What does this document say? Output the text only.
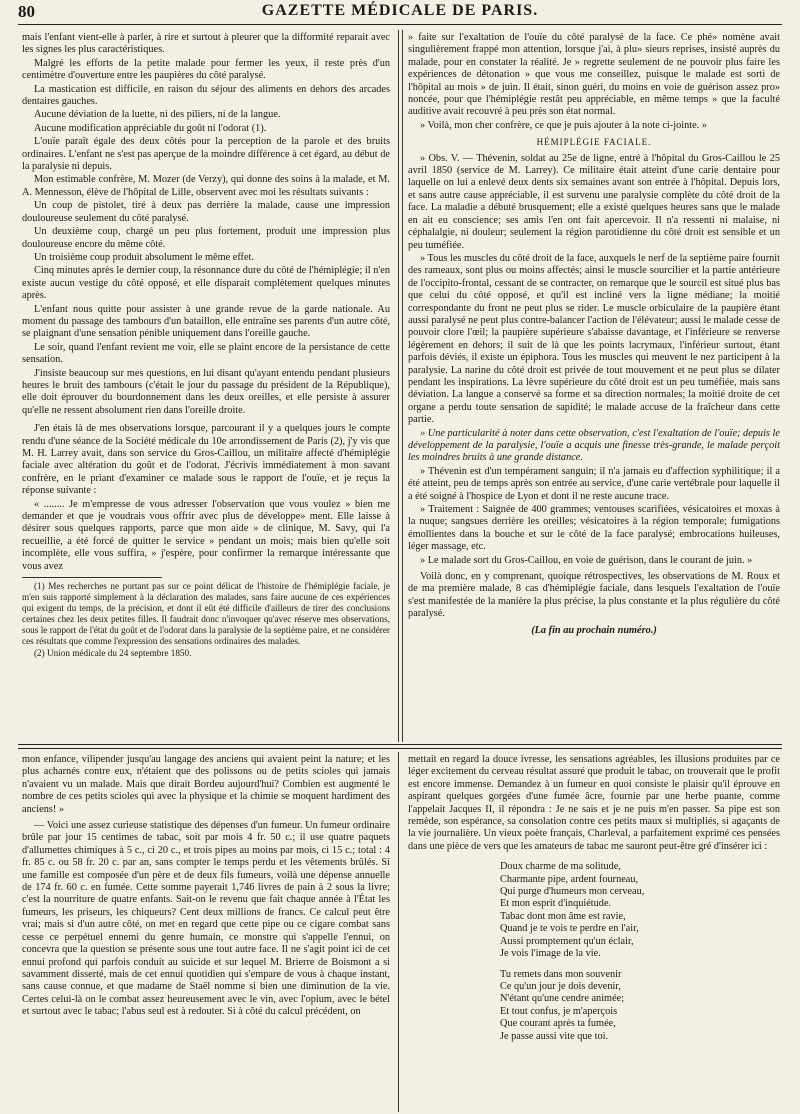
80	GAZETTE MÉDICALE DE PARIS.

mais l'enfant vient-elle à parler, à rire et surtout à pleurer que la difformité reparait avec les signes les plus caractéristiques.

Malgré les efforts de la petite malade pour fermer les yeux, il reste près d'un centimètre d'ouverture entre les paupières du côté paralysé.

La mastication est difficile, en raison du séjour des aliments en dehors des arcades dentaires gauches.

Aucune déviation de la luette, ni des piliers, ni de la langue.

Aucune modification appréciable du goût ni l'odorat (1).

L'ouïe paraît égale des deux côtés pour la perception de la parole et des bruits ordinaires. L'enfant ne s'est pas aperçue de la moindre différence à cet égard, au début de la paralysie ni depuis.

Mon estimable confrère, M. Mozer (de Verzy), qui donne des soins à la malade, et M. A. Mennesson, élève de l'hôpital de Lille, observent avec moi les résultats suivants :

Un coup de pistolet, tiré à deux pas derrière la malade, cause une impression douloureuse seulement du côté paralysé.

Un deuxième coup, chargé un peu plus fortement, produit une impression plus douloureuse encore du même côté.

Un troisième coup produit absolument le même effet.

Cinq minutes après le dernier coup, la résonnance dure du côté de l'hémiplégie; il n'en existe aucun vestige du côté opposé, et elle disparait complètement quelques minutes après.

L'enfant nous quitte pour assister à une grande revue de la garde nationale. Au moment du passage des tambours d'un bataillon, elle entraîne ses parents d'un autre côté, se plaignant d'une sensation pénible uniquement dans l'oreille gauche.

Le soir, quand l'enfant revient me voir, elle se plaint encore de la persistance de cette sensation.

J'insiste beaucoup sur mes questions, en lui disant qu'ayant entendu pendant plusieurs heures le bruit des tambours (c'était le jour du passage du président de la République), elle doit éprouver du bourdonnement dans les deux oreilles, et elle persiste à assurer qu'elle ne ressent absolument rien dans l'oreille droite.

J'en étais là de mes observations lorsque, parcourant il y a quelques jours le compte rendu d'une séance de la Société médicale du 10e arrondissement de Paris (2), j'y vis que M. H. Larrey avait, dans son service du Gros-Caillou, un militaire affecté d'hémiplégie faciale avec altération du goût et de l'odorat. J'écrivis immédiatement à mon savant confrère, en le priant d'examiner ce malade sous le rapport de l'ouïe, et je reçus la réponse suivante :

« ........ Je m'empresse de vous adresser l'observation que vous voulez » bien me demander et que je voudrais vous offrir avec plus de développe» ment. Elle laisse à désirer sous quelques rapports, parce que mon aide » de clinique, M. Savy, qui l'a recueillie, a été forcé de quitter le service » pendant un mois; mais bien qu'elle soit incomplète, elle vous suffira, » j'espère, pour confirmer la remarque intéressante que vous avez

(1) Mes recherches ne portant pas sur ce point délicat de l'histoire de l'hémiplégie faciale, je m'en suis rapporté simplement à la déclaration des malades, sans faire aucune de ces expériences qui exigent du temps, de la précision, et dont il eût été difficile d'ailleurs de tirer des conclusions certaines chez les deux petites filles. Il faudrait donc n'invoquer qu'avec réserve mes observations, sous le rapport de l'état du goût et de l'odorat dans la paralysie de la septième paire, et ne considérer ces résultats que comme l'expression des sensations ordinaires des malades.

(2) Union médicale du 24 septembre 1850.

» faite sur l'exaltation de l'ouïe du côté paralysé de la face. Ce phé» nomène avait singulièrement frappé mon attention, lorsque j'ai, à plu» sieurs reprises, insisté auprès du malade, pour en constater la réalité. Je » regrette seulement de ne pouvoir plus faire les expériences de détonation » que vous me conseillez, puisque le malade est sorti de l'hôpital au mois » de juin. Il était, sinon guéri, du moins en voie de guérison assez pro» noncée, pour que l'hémiplégie restât peu appréciable, en même temps » que la faculté auditive avait recouvré à peu près son état normal.

» Voilà, mon cher confrère, ce que je puis ajouter à la note ci-jointe. »

HÉMIPLÉGIE FACIALE.

» Obs. V. — Thévenin, soldat au 25e de ligne, entré à l'hôpital du Gros-Caillou le 25 avril 1850 (service de M. Larrey). Ce militaire était atteint d'une carie dentaire pour laquelle on lui a enlevé deux dents six semaines avant son entrée à l'hôpital. Depuis lors, et sans autre cause appréciable, il est survenu une paralysie complète du côté droit de la face. La maladie a débuté brusquement; elle a existé quelques heures sans que le malade en ait eu conscience; ses amis l'en ont fait apercevoir. Il n'a ressenti ni malaise, ni céphalalgie, ni douleur; seulement la région parotidienne du côté droit est sensible et un peu tuméfiée.

» Tous les muscles du côté droit de la face, auxquels le nerf de la septième paire fournit des rameaux, sont plus ou moins affectés; ainsi le muscle sourcilier et la partie antérieure de l'occipito-frontal, cessant de se contracter, on remarque que le sourcil est situé plus bas que celui du côté opposé, et qu'il est incliné vers la ligne médiane; la moitié correspondante du front ne peut plus se rider. Le muscle orbiculaire de la paupière étant aussi paralysé ne peut plus contre-balancer l'action de l'élévateur; aussi le malade cesse de pouvoir clore l'œil; la paupière supérieure s'abaisse davantage, et l'inférieure se renverse légèrement en dehors; il suit de là que les points lacrymaux, l'inférieur surtout, étant parfois déviés, il existe un épiphora. Tous les muscles qui meuvent le nez participent à la paralysie. La narine du côté droit est privée de tout mouvement et ne peut plus se dilater pendant les inspirations. La lèvre supérieure du côté droit est un peu tuméfiée, mais sans déviation. La langue a conservé sa forme et sa direction normales; la moitié droite de cet organe a perdu toute sensation de sapidité; le malade accuse de la fraîcheur dans cette partie.

» Une particularité à noter dans cette observation, c'est l'exaltation de l'ouïe; depuis le développement de la paralysie, l'ouïe a acquis une finesse très-grande, le malade perçoit les moindres bruits à une grande distance.

» Thévenin est d'un tempérament sanguin; il n'a jamais eu d'affection syphilitique; il a été atteint, peu de temps après son entrée au service, d'une carie vertébrale pour laquelle il a été soigné à l'hospice de Lyon et dont il ne reste aucune trace.

» Traitement : Saignée de 400 grammes; ventouses scarifiées, vésicatoires et moxas à la nuque; sangsues derrière les oreilles; vésicatoires à la région temporale; fumigations émollientes dans la bouche et sur le côté de la face paralysé; embrocations huileuses, léger massage, etc.

» Le malade sort du Gros-Caillou, en voie de guérison, dans le courant de juin. »

Voilà donc, en y comprenant, quoique rétrospectives, les observations de M. Roux et de ma première malade, 8 cas d'hémiplégie faciale, dans lesquels l'exaltation de l'ouïe s'est manifestée de la manière la plus précise, la plus constante et la plus régulière du côté paralysé.

(La fin au prochain numéro.)

mon enfance, vilipender jusqu'au langage des anciens qui avaient peint la nature; et les plus acharnés contre eux, n'étaient que des polissons ou de petits scioles qui jamais n'avaient vu un malade. Mais que dirait Bordeu aujourd'hui? Combien est augmenté le nombre de ces petits scioles qui avec la physique et la chimie se moquent hardiment des anciens! »

— Voici une assez curieuse statistique des dépenses d'un fumeur. Un fumeur ordinaire brûle par jour 15 centimes de tabac, soit par mois 4 fr. 50 c.; il use quatre paquets d'allumettes chimiques à 5 c., ci 20 c., et trois pipes au moins par mois, ci 15 c.; total : 4 fr. 85 c. ou 58 fr. 20 c. par an, sans compter le temps perdu et les vêtements brûlés. Si une famille est composée d'un père et de deux fils fumeurs, voilà une dépense annuelle de 174 fr. 60 c. en fumée. Cette somme payerait 1,746 livres de pain à 2 sous la livre; c'est la nourriture de quatre enfants. Sait-on le revenu que fait chaque année à l'État les fumeurs, les priseurs, les chiqueurs? Cent deux millions de francs. Ce calcul peut être vrai; mais si d'un autre côté, on met en regard que cette pipe ou ce cigare combat sans cesse ce perpétuel ennemi du genre humain, ce monstre qui s'appelle l'ennui, on concevra que la question se présente sous une tout autre face. Il ne s'agit point ici de cet ennui profond qui parfois conduit au suicide et sur lequel M. Brierre de Boismont a si savamment disserté, mais de cet ennui quotidien qui s'empare de vous à chaque instant, sans cause connue, et que madame de Staël nomme si bien une diminution de la vie. Certes celui-là on le combat assez heureusement avec le vin, avec l'opium, avec le bétel et surtout avec le tabac; l'abus seul est à redouter. Si à côté du calcul précédent, on

mettait en regard la douce ivresse, les sensations agréables, les illusions produites par ce léger excitement du cerveau résultat assuré que produit le tabac, on trouverait que le profit est encore immense. Demandez à un fumeur en quoi consiste le plaisir qu'il éprouve en aspirant quelques gorgées d'une fumée âcre, fournie par une herbe puante, comme l'appelait Jacques II, il répondra : Je ne sais et je ne puis m'en passer. Sa pipe est son remède, son espérance, sa consolation contre ces petits maux si multipliés, si agaçants de la vie journalière. Un vieux poète français, Charleval, a parfaitement exprimé ces pensées dans une pièce de vers que les amateurs de tabac me sauront peut-être gré d'insérer ici :

Doux charme de ma solitude,
Charmante pipe, ardent fourneau,
Qui purge d'humeurs mon cerveau,
Et mon esprit d'inquiétude.
Tabac dont mon âme est ravie,
Quand je te vois te perdre en l'air,
Aussi promptement qu'un éclair,
Je vois l'image de la vie.
Tu remets dans mon souvenir
Ce qu'un jour je dois devenir,
N'étant qu'une cendre animée;
Et tout confus, je m'aperçois
Que courant après ta fumée,
Je passe aussi vite que toi.
